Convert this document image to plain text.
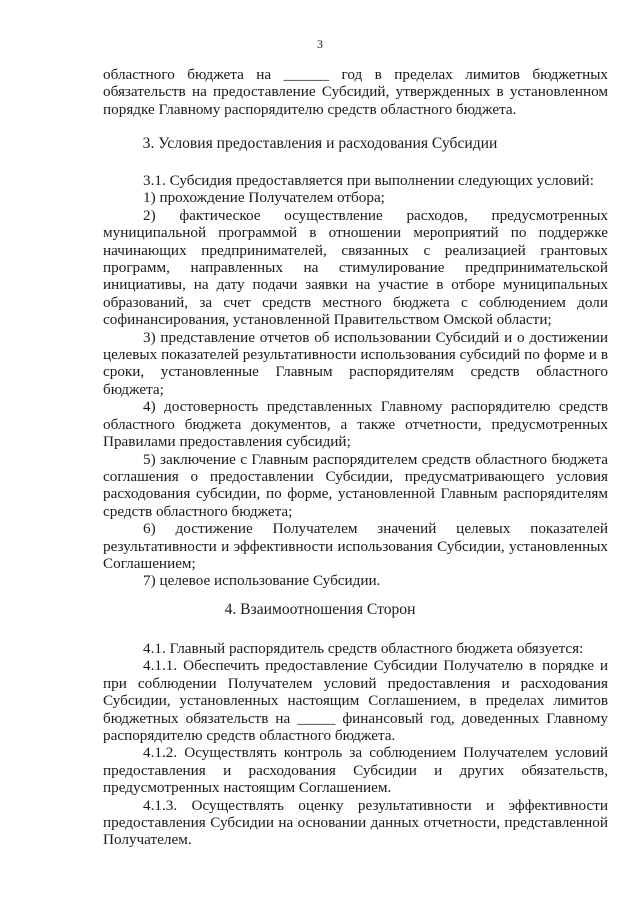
3

областного бюджета на ______ год в пределах лимитов бюджетных

обязательств на предоставление Субсидий, утвержденных в установленном

порядке Главному распорядителю средств областного бюджета.

3. Условия предоставления и расходования Субсидии

3.1. Субсидия предоставляется при выполнении следующих условий:

1) прохождение Получателем отбора;

2) фактическое осуществление расходов, предусмотренных

муниципальной программой в отношении мероприятий по поддержке

начинающих предпринимателей, связанных с реализацией грантовых

программ, направленных на стимулирование предпринимательской

инициативы, на дату подачи заявки на участие в отборе муниципальных

образований, за счет средств местного бюджета с соблюдением доли

софинансирования, установленной Правительством Омской области;

3) представление отчетов об использовании Субсидий и о достижении

целевых показателей результативности использования субсидий по форме и в

сроки, установленные Главным распорядителям средств областного

бюджета;

4) достоверность представленных Главному распорядителю средств

областного бюджета документов, а также отчетности, предусмотренных

Правилами предоставления субсидий;

5) заключение с Главным распорядителем средств областного бюджета

соглашения о предоставлении Субсидии, предусматривающего условия

расходования субсидии, по форме, установленной Главным распорядителям

средств областного бюджета;

6) достижение Получателем значений целевых показателей

результативности и эффективности использования Субсидии, установленных

Соглашением;

7) целевое использование Субсидии.

4. Взаимоотношения Сторон

4.1. Главный распорядитель средств областного бюджета обязуется:

4.1.1. Обеспечить предоставление Субсидии Получателю в порядке и

при соблюдении Получателем условий предоставления и расходования

Субсидии, установленных настоящим Соглашением, в пределах лимитов

бюджетных обязательств на _____ финансовый год, доведенных Главному

распорядителю средств областного бюджета.

4.1.2. Осуществлять контроль за соблюдением Получателем условий

предоставления и расходования Субсидии и других обязательств,

предусмотренных настоящим Соглашением.

4.1.3. Осуществлять оценку результативности и эффективности

предоставления Субсидии на основании данных отчетности, представленной

Получателем.
